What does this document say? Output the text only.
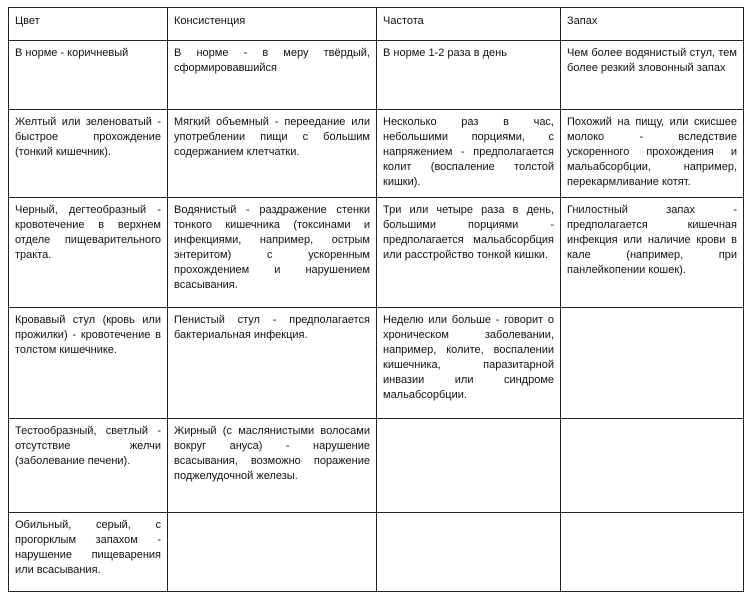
Цвет	Консистенция	Частота	Запах
В норме - коричневый	В норме - в меру твёрдый, сформировавшийся	В норме 1-2 раза в день	Чем более водянистый стул, тем более резкий зловонный запах
Желтый или зеленоватый - быстрое прохождение (тонкий кишечник).	Мягкий объемный - переедание или употреблении пищи с большим содержанием клетчатки.	Несколько раз в час, небольшими порциями, с напряжением - предполагается колит (воспаление толстой кишки).	Похожий на пищу, или скисшее молоко - вследствие ускоренного прохождения и мальабсорбции, например, перекармливание котят.
Черный, дегтеобразный - кровотечение в верхнем отделе пищеварительного тракта.	Водянистый - раздражение стенки тонкого кишечника (токсинами и инфекциями, например, острым энтеритом) с ускоренным прохождением и нарушением всасывания.	Три или четыре раза в день, большими порциями - предполагается мальабсорбция или расстройство тонкой кишки.	Гнилостный запах - предполагается кишечная инфекция или наличие крови в кале (например, при панлейкопении кошек).
Кровавый стул (кровь или прожилки) - кровотечение в толстом кишечнике.	Пенистый стул - предполагается бактериальная инфекция.	Неделю или больше - говорит о хроническом заболевании, например, колите, воспалении кишечника, паразитарной инвазии или синдроме мальабсорбции.	
Тестообразный, светлый - отсутствие желчи (заболевание печени).	Жирный (с маслянистыми волосами вокруг ануса) - нарушение всасывания, возможно поражение поджелудочной железы.		
Обильный, серый, с прогорклым запахом - нарушение пищеварения или всасывания.			
